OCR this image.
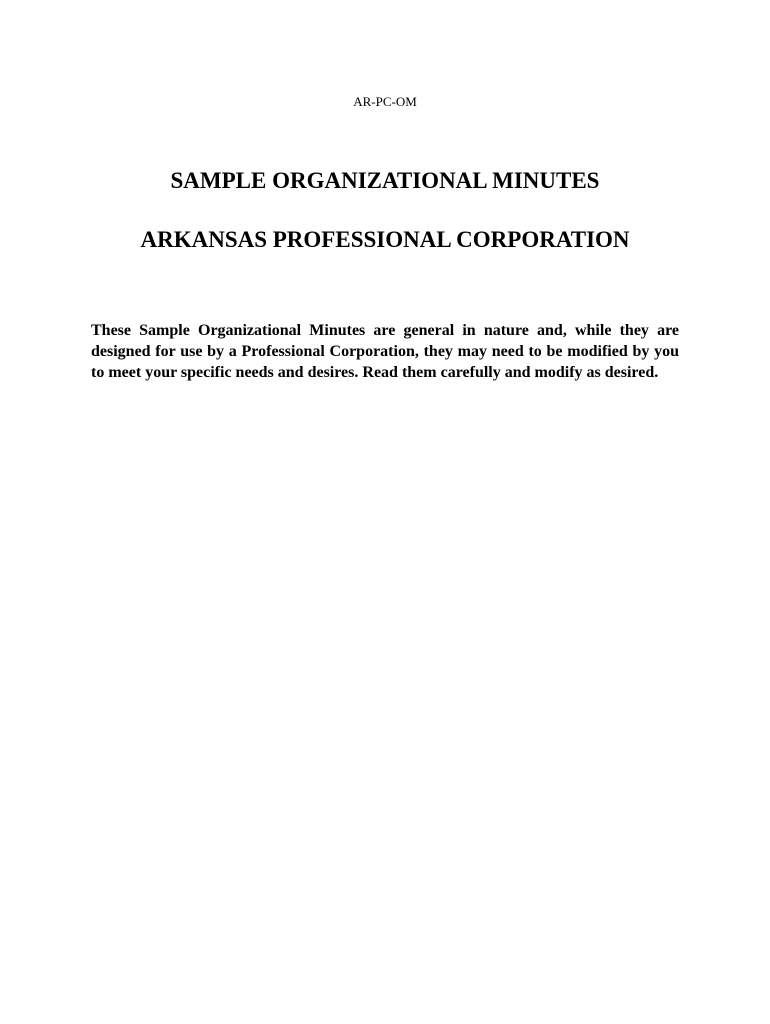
AR-PC-OM
SAMPLE ORGANIZATIONAL MINUTES
ARKANSAS PROFESSIONAL CORPORATION

These Sample Organizational Minutes are general in nature and, while they are designed for use by a Professional Corporation, they may need to be modified by you to meet your specific needs and desires. Read them carefully and modify as desired.
